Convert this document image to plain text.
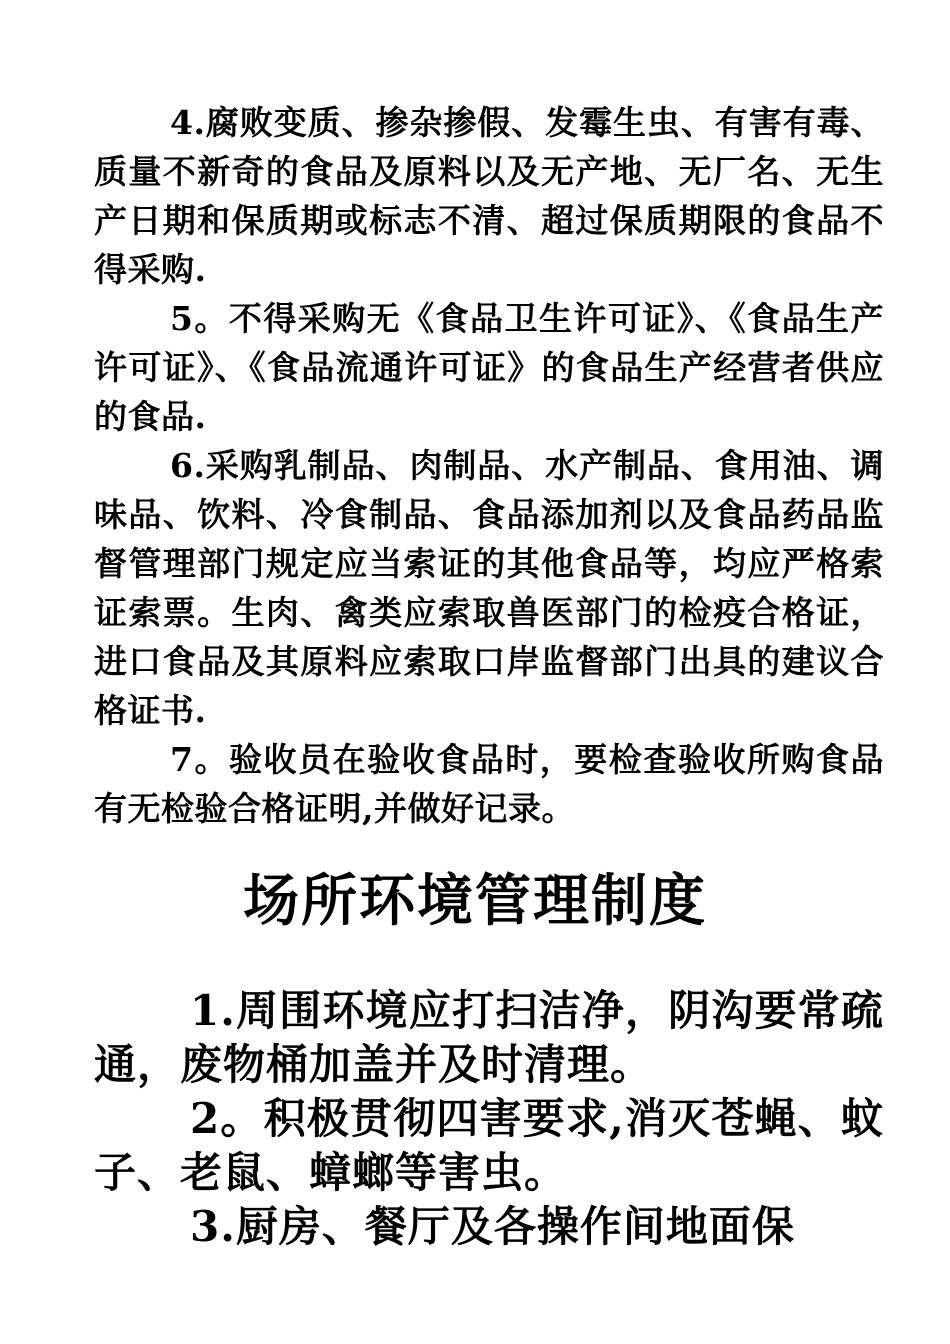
4.腐败变质、掺杂掺假、发霉生虫、有害有毒、质量不新奇的食品及原料以及无产地、无厂名、无生产日期和保质期或标志不清、超过保质期限的食品不得采购.

5。不得采购无《食品卫生许可证》、《食品生产许可证》、《食品流通许可证》的食品生产经营者供应的食品.

6.采购乳制品、肉制品、水产制品、食用油、调味品、饮料、冷食制品、食品添加剂以及食品药品监督管理部门规定应当索证的其他食品等，均应严格索证索票。生肉、禽类应索取兽医部门的检疫合格证，进口食品及其原料应索取口岸监督部门出具的建议合格证书.

7。验收员在验收食品时，要检查验收所购食品有无检验合格证明,并做好记录。

场所环境管理制度

1.周围环境应打扫洁净，阴沟要常疏通，废物桶加盖并及时清理。

2。积极贯彻四害要求,消灭苍蝇、蚊子、老鼠、蟑螂等害虫。

3.厨房、餐厅及各操作间地面保
